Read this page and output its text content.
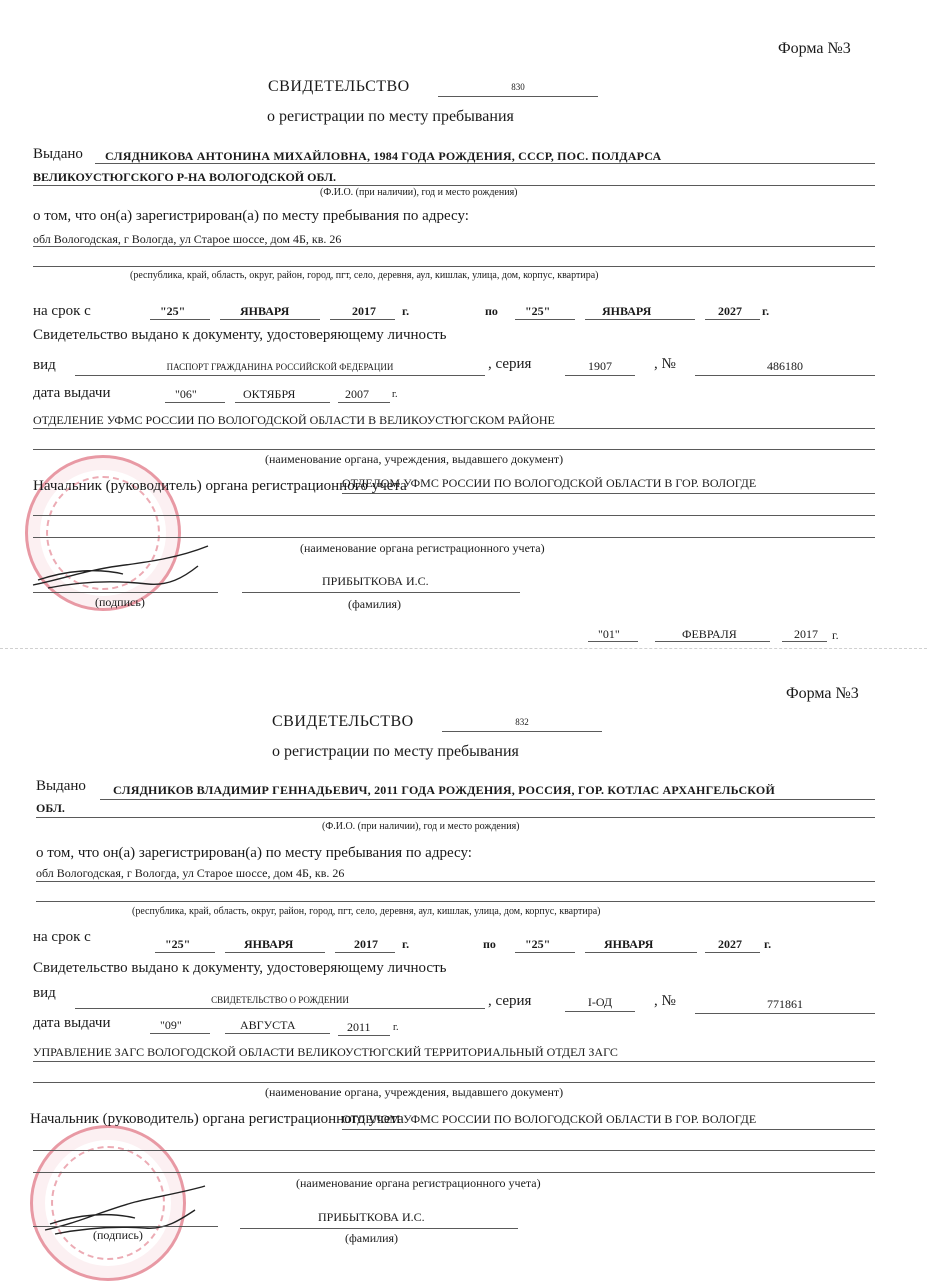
Форма №3
СВИДЕТЕЛЬСТВО	830
о регистрации по месту пребывания
Выдано СЛЯДНИКОВА АНТОНИНА МИХАЙЛОВНА, 1984 ГОДА РОЖДЕНИЯ, СССР, ПОС. ПОЛДАРСА
ВЕЛИКОУСТЮГСКОГО Р-НА ВОЛОГОДСКОЙ ОБЛ.
(Ф.И.О. (при наличии), год и место рождения)
о том, что он(а) зарегистрирован(а) по месту пребывания по адресу:
обл Вологодская, г Вологда, ул Старое шоссе, дом 4Б, кв. 26
(республика, край, область, округ, район, город, пгт, село, деревня, аул, кишлак, улица, дом, корпус, квартира)
на срок с	"25"	ЯНВАРЯ	2017 г.	по "25"	ЯНВАРЯ	2027 г.
Свидетельство выдано к документу, удостоверяющему личность
вид	ПАСПОРТ ГРАЖДАНИНА РОССИЙСКОЙ ФЕДЕРАЦИИ	, серия	1907	, №	486180
дата выдачи	"06"	ОКТЯБРЯ	2007 г.
ОТДЕЛЕНИЕ УФМС РОССИИ ПО ВОЛОГОДСКОЙ ОБЛАСТИ В ВЕЛИКОУСТЮГСКОМ РАЙОНЕ
(наименование органа, учреждения, выдавшего документ)
Начальник (руководитель) органа регистрационного учета
ОТДЕЛОМ УФМС РОССИИ ПО ВОЛОГОДСКОЙ ОБЛАСТИ В ГОР. ВОЛОГДЕ
(наименование органа регистрационного учета)
(подпись)
ПРИБЫТКОВА И.С.
(фамилия)
"01"	ФЕВРАЛЯ	2017 г.
Форма №3
СВИДЕТЕЛЬСТВО	832
о регистрации по месту пребывания
Выдано СЛЯДНИКОВ ВЛАДИМИР ГЕННАДЬЕВИЧ, 2011 ГОДА РОЖДЕНИЯ, РОССИЯ, ГОР. КОТЛАС АРХАНГЕЛЬСКОЙ
ОБЛ.
(Ф.И.О. (при наличии), год и место рождения)
о том, что он(а) зарегистрирован(а) по месту пребывания по адресу:
обл Вологодская, г Вологда, ул Старое шоссе, дом 4Б, кв. 26
(республика, край, область, округ, район, город, пгт, село, деревня, аул, кишлак, улица, дом, корпус, квартира)
на срок с	"25"	ЯНВАРЯ	2017 г.	по "25"	ЯНВАРЯ	2027 г.
Свидетельство выдано к документу, удостоверяющему личность
вид	СВИДЕТЕЛЬСТВО О РОЖДЕНИИ	, серия	I-ОД	, №	771861
дата выдачи	"09"	АВГУСТА	2011 г.
УПРАВЛЕНИЕ ЗАГС ВОЛОГОДСКОЙ ОБЛАСТИ ВЕЛИКОУСТЮГСКИЙ ТЕРРИТОРИАЛЬНЫЙ ОТДЕЛ ЗАГС
(наименование органа, учреждения, выдавшего документ)
Начальник (руководитель) органа регистрационного учета
ОТДЕЛОМ УФМС РОССИИ ПО ВОЛОГОДСКОЙ ОБЛАСТИ В ГОР. ВОЛОГДЕ
(наименование органа регистрационного учета)
(подпись)
ПРИБЫТКОВА И.С.
(фамилия)
